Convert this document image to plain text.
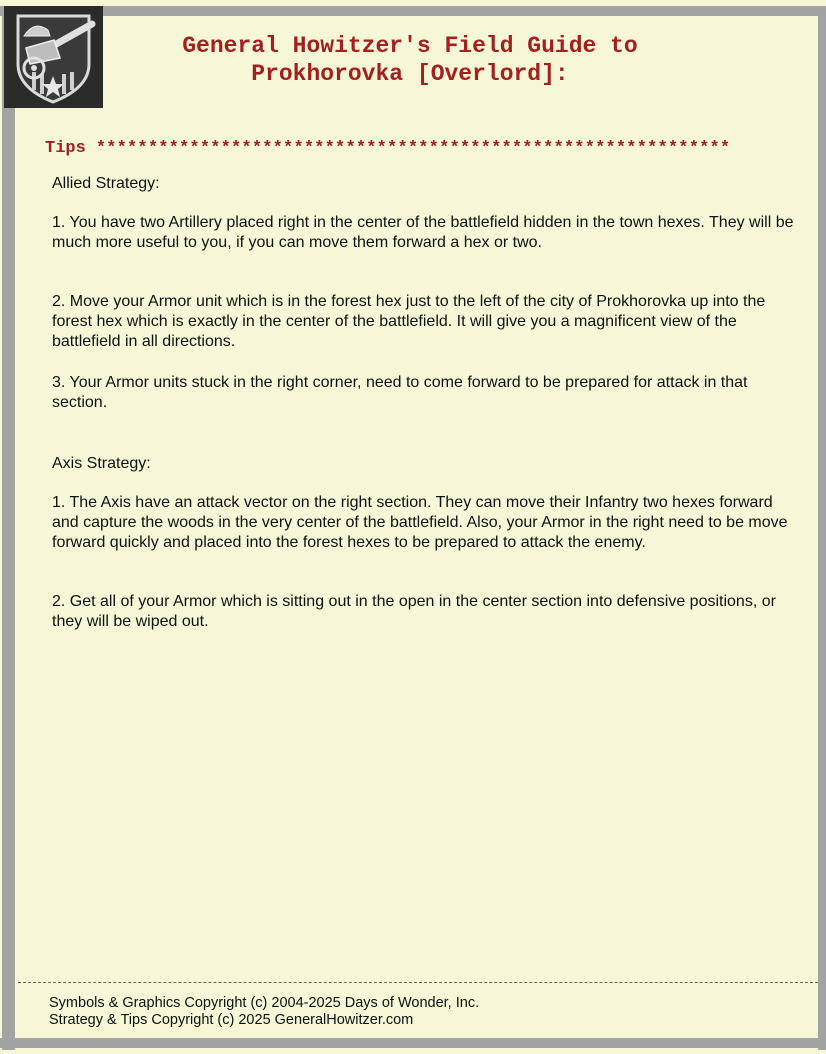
General Howitzer's Field Guide to
Prokhorovka [Overlord]:
Tips *************************************************************
Allied Strategy:
1. You have two Artillery placed right in the center of the battlefield hidden in the town hexes. They will be much more useful to you, if you can move them forward a hex or two.
2. Move your Armor unit which is in the forest hex just to the left of the city of Prokhorovka up into the forest hex which is exactly in the center of the battlefield. It will give you a magnificent view of the battlefield in all directions.
3. Your Armor units stuck in the right corner, need to come forward to be prepared for attack in that section.
Axis Strategy:
1. The Axis have an attack vector on the right section. They can move their Infantry two hexes forward and capture the woods in the very center of the battlefield. Also, your Armor in the right need to be move forward quickly and placed into the forest hexes to be prepared to attack the enemy.
2. Get all of your Armor which is sitting out in the open in the center section into defensive positions, or they will be wiped out.
Symbols & Graphics Copyright (c) 2004-2025 Days of Wonder, Inc.
Strategy & Tips Copyright (c) 2025 GeneralHowitzer.com
